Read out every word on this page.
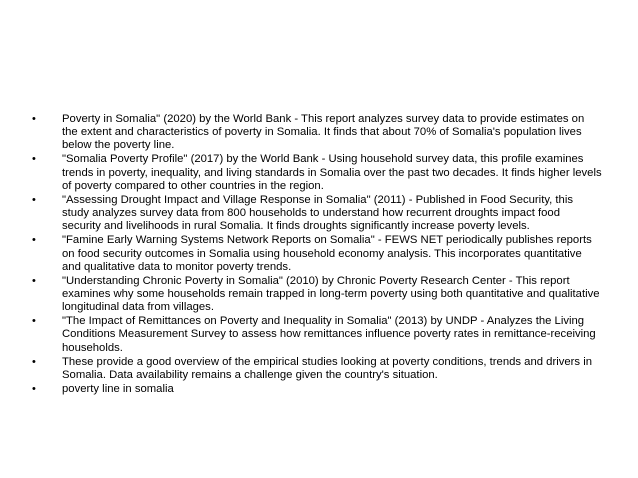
•	Poverty in Somalia" (2020) by the World Bank - This report analyzes survey data to provide estimates on the extent and characteristics of poverty in Somalia. It finds that about 70% of Somalia's population lives below the poverty line.
•	"Somalia Poverty Profile" (2017) by the World Bank - Using household survey data, this profile examines trends in poverty, inequality, and living standards in Somalia over the past two decades. It finds higher levels of poverty compared to other countries in the region.
•	"Assessing Drought Impact and Village Response in Somalia" (2011) - Published in Food Security, this study analyzes survey data from 800 households to understand how recurrent droughts impact food security and livelihoods in rural Somalia. It finds droughts significantly increase poverty levels.
•	"Famine Early Warning Systems Network Reports on Somalia" - FEWS NET periodically publishes reports on food security outcomes in Somalia using household economy analysis. This incorporates quantitative and qualitative data to monitor poverty trends.
•	"Understanding Chronic Poverty in Somalia" (2010) by Chronic Poverty Research Center - This report examines why some households remain trapped in long-term poverty using both quantitative and qualitative longitudinal data from villages.
•	"The Impact of Remittances on Poverty and Inequality in Somalia" (2013) by UNDP - Analyzes the Living Conditions Measurement Survey to assess how remittances influence poverty rates in remittance-receiving households.
•	These provide a good overview of the empirical studies looking at poverty conditions, trends and drivers in Somalia. Data availability remains a challenge given the country's situation.
•	poverty line in somalia
